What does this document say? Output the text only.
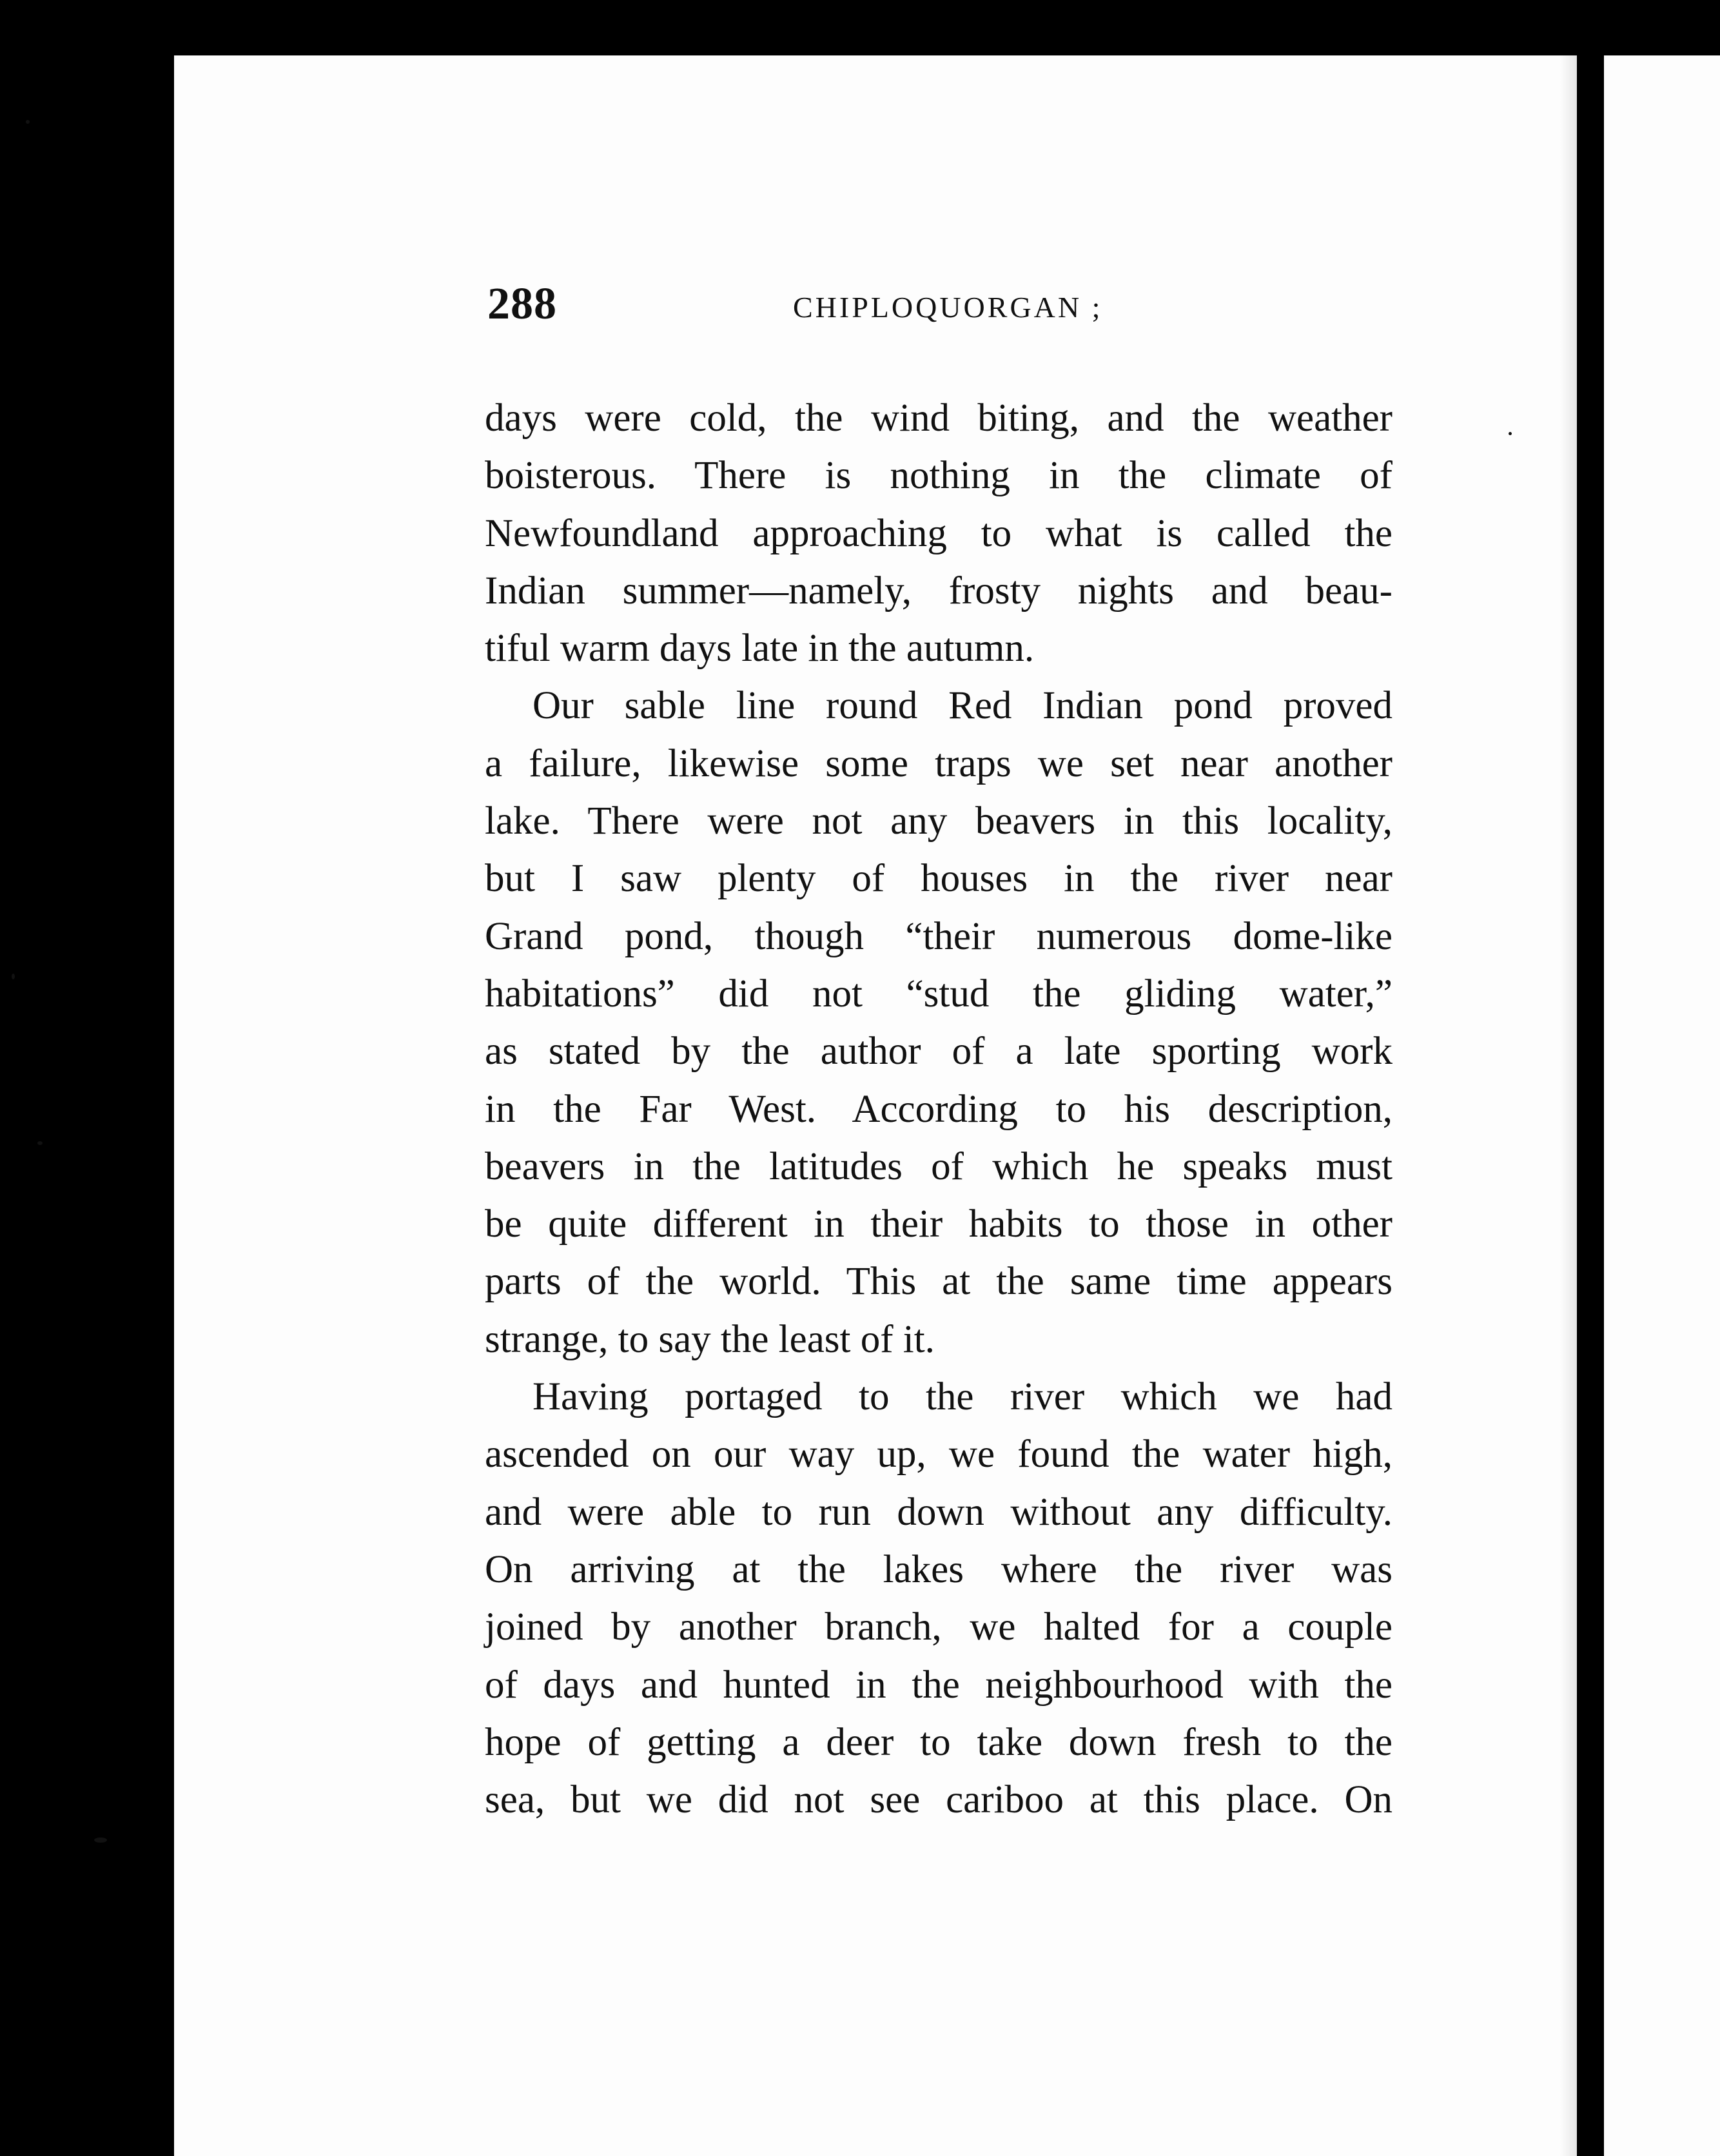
288	CHIPLOQUORGAN ;
days were cold, the wind biting, and the weather
boisterous. There is nothing in the climate of
Newfoundland approaching to what is called the
Indian summer—namely, frosty nights and beau-
tiful warm days late in the autumn.
Our sable line round Red Indian pond proved
a failure, likewise some traps we set near another
lake. There were not any beavers in this locality,
but I saw plenty of houses in the river near
Grand pond, though “their numerous dome-like
habitations” did not “stud the gliding water,”
as stated by the author of a late sporting work
in the Far West. According to his description,
beavers in the latitudes of which he speaks must
be quite different in their habits to those in other
parts of the world. This at the same time appears
strange, to say the least of it.
Having portaged to the river which we had
ascended on our way up, we found the water high,
and were able to run down without any difficulty.
On arriving at the lakes where the river was
joined by another branch, we halted for a couple
of days and hunted in the neighbourhood with the
hope of getting a deer to take down fresh to the
sea, but we did not see cariboo at this place. On
